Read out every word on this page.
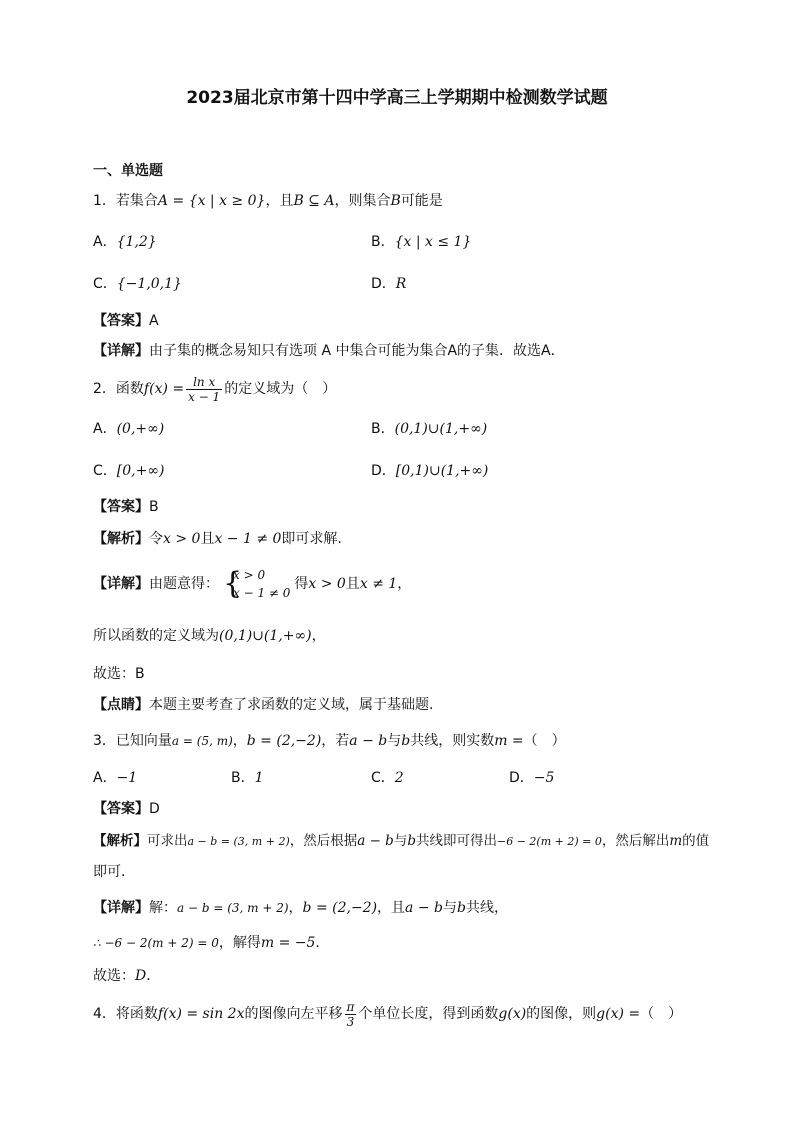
2023届北京市第十四中学高三上学期期中检测数学试题
一、单选题
1．若集合A = {x | x ≥ 0}，且B ⊆ A，则集合B可能是
A．{1,2}	B．{x | x ≤ 1}
C．{−1,0,1}	D．R
【答案】A
【详解】由子集的概念易知只有选项 A 中集合可能为集合A的子集．故选A．
2．函数$f(x) = \frac{\text{ln x}}{x - 1}$ 的定义域为（　）
A．(0,+∞)	B．(0,1)∪(1,+∞)
C．[0,+∞)	D．[0,1)∪(1,+∞)
【答案】B
【解析】令x > 0且x − 1 ≠ 0即可求解.
【详解】由题意得： {
x > 0
x − 1 ≠ 0
得x > 0且x ≠ 1，
所以函数的定义域为(0,1)∪(1,+∞)，
故选：B
【点睛】本题主要考查了求函数的定义域，属于基础题.
3．已知向量a = (5, m)，b = (2,−2)，若a − b与b共线，则实数m =（　）
A．−1	B．1	C．2	D．−5
【答案】D
【解析】可求出a − b = (3, m + 2)，然后根据a − b与b共线即可得出−6 − 2(m + 2) = 0，然后解出m的值
即可．
【详解】解：a − b = (3, m + 2)，b = (2,−2)，且a − b与b共线，
∴ −6 − 2(m + 2) = 0，解得m = −5．
故选：D．
4．将函数f(x) = sin 2x的图像向左平移 $\frac{\pi}{3}$ 个单位长度，得到函数g(x)的图像，则g(x) =（　）
